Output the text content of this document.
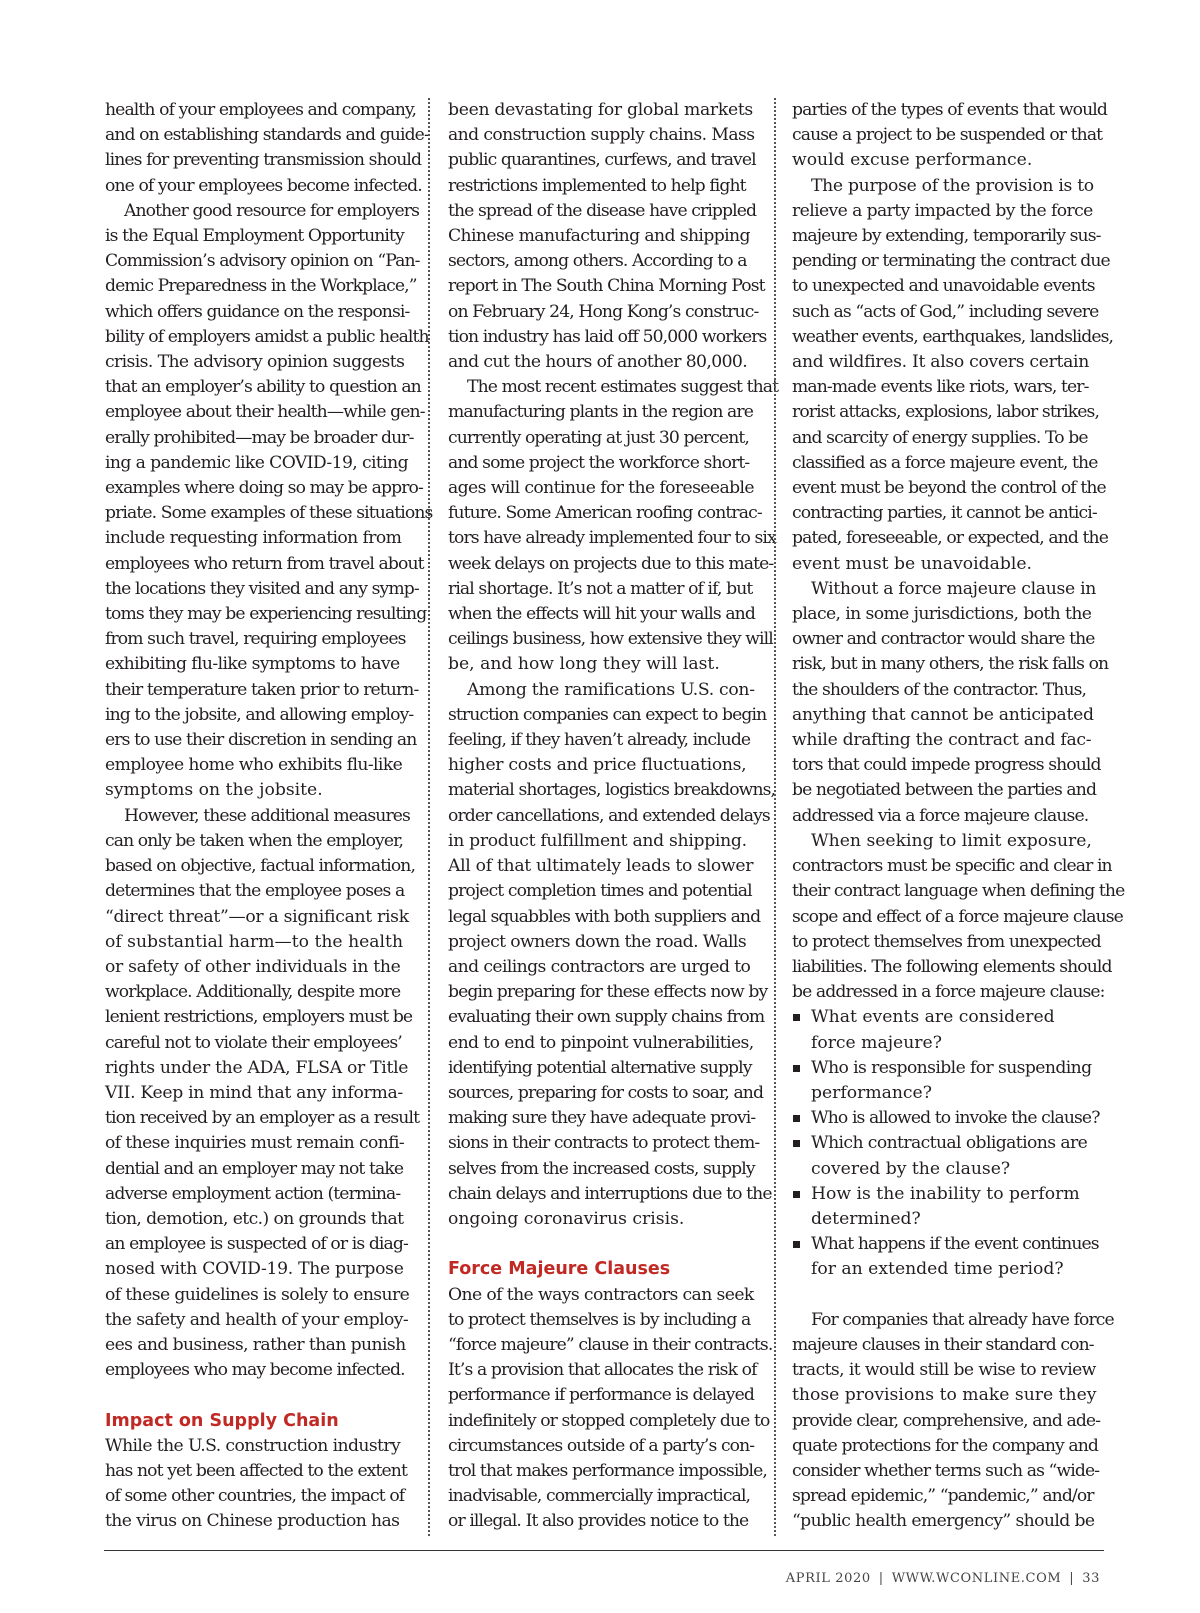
health of your employees and company,
and on establishing standards and guide-
lines for preventing transmission should
one of your employees become infected.
Another good resource for employers
is the Equal Employment Opportunity
Commission’s advisory opinion on “Pan-
demic Preparedness in the Workplace,”
which offers guidance on the responsi-
bility of employers amidst a public health
crisis. The advisory opinion suggests
that an employer’s ability to question an
employee about their health—while gen-
erally prohibited—may be broader dur-
ing a pandemic like COVID-19, citing
examples where doing so may be appro-
priate. Some examples of these situations
include requesting information from
employees who return from travel about
the locations they visited and any symp-
toms they may be experiencing resulting
from such travel, requiring employees
exhibiting flu-like symptoms to have
their temperature taken prior to return-
ing to the jobsite, and allowing employ-
ers to use their discretion in sending an
employee home who exhibits flu-like
symptoms on the jobsite.
However, these additional measures
can only be taken when the employer,
based on objective, factual information,
determines that the employee poses a
“direct threat”—or a significant risk
of substantial harm—to the health
or safety of other individuals in the
workplace. Additionally, despite more
lenient restrictions, employers must be
careful not to violate their employees’
rights under the ADA, FLSA or Title
VII. Keep in mind that any informa-
tion received by an employer as a result
of these inquiries must remain confi-
dential and an employer may not take
adverse employment action (termina-
tion, demotion, etc.) on grounds that
an employee is suspected of or is diag-
nosed with COVID-19. The purpose
of these guidelines is solely to ensure
the safety and health of your employ-
ees and business, rather than punish
employees who may become infected.
Impact on Supply Chain
While the U.S. construction industry
has not yet been affected to the extent
of some other countries, the impact of
the virus on Chinese production has
been devastating for global markets
and construction supply chains. Mass
public quarantines, curfews, and travel
restrictions implemented to help fight
the spread of the disease have crippled
Chinese manufacturing and shipping
sectors, among others. According to a
report in The South China Morning Post
on February 24, Hong Kong’s construc-
tion industry has laid off 50,000 workers
and cut the hours of another 80,000.
The most recent estimates suggest that
manufacturing plants in the region are
currently operating at just 30 percent,
and some project the workforce short-
ages will continue for the foreseeable
future. Some American roofing contrac-
tors have already implemented four to six
week delays on projects due to this mate-
rial shortage. It’s not a matter of if, but
when the effects will hit your walls and
ceilings business, how extensive they will
be, and how long they will last.
Among the ramifications U.S. con-
struction companies can expect to begin
feeling, if they haven’t already, include
higher costs and price fluctuations,
material shortages, logistics breakdowns,
order cancellations, and extended delays
in product fulfillment and shipping.
All of that ultimately leads to slower
project completion times and potential
legal squabbles with both suppliers and
project owners down the road. Walls
and ceilings contractors are urged to
begin preparing for these effects now by
evaluating their own supply chains from
end to end to pinpoint vulnerabilities,
identifying potential alternative supply
sources, preparing for costs to soar, and
making sure they have adequate provi-
sions in their contracts to protect them-
selves from the increased costs, supply
chain delays and interruptions due to the
ongoing coronavirus crisis.
Force Majeure Clauses
One of the ways contractors can seek
to protect themselves is by including a
“force majeure” clause in their contracts.
It’s a provision that allocates the risk of
performance if performance is delayed
indefinitely or stopped completely due to
circumstances outside of a party’s con-
trol that makes performance impossible,
inadvisable, commercially impractical,
or illegal. It also provides notice to the
parties of the types of events that would
cause a project to be suspended or that
would excuse performance.
The purpose of the provision is to
relieve a party impacted by the force
majeure by extending, temporarily sus-
pending or terminating the contract due
to unexpected and unavoidable events
such as “acts of God,” including severe
weather events, earthquakes, landslides,
and wildfires. It also covers certain
man-made events like riots, wars, ter-
rorist attacks, explosions, labor strikes,
and scarcity of energy supplies. To be
classified as a force majeure event, the
event must be beyond the control of the
contracting parties, it cannot be antici-
pated, foreseeable, or expected, and the
event must be unavoidable.
Without a force majeure clause in
place, in some jurisdictions, both the
owner and contractor would share the
risk, but in many others, the risk falls on
the shoulders of the contractor. Thus,
anything that cannot be anticipated
while drafting the contract and fac-
tors that could impede progress should
be negotiated between the parties and
addressed via a force majeure clause.
When seeking to limit exposure,
contractors must be specific and clear in
their contract language when defining the
scope and effect of a force majeure clause
to protect themselves from unexpected
liabilities. The following elements should
be addressed in a force majeure clause:
What events are considered
force majeure?
Who is responsible for suspending
performance?
Who is allowed to invoke the clause?
Which contractual obligations are
covered by the clause?
How is the inability to perform
determined?
What happens if the event continues
for an extended time period?
For companies that already have force
majeure clauses in their standard con-
tracts, it would still be wise to review
those provisions to make sure they
provide clear, comprehensive, and ade-
quate protections for the company and
consider whether terms such as “wide-
spread epidemic,” “pandemic,” and/or
“public health emergency” should be
APRIL 2020 | WWW.WCONLINE.COM | 33
